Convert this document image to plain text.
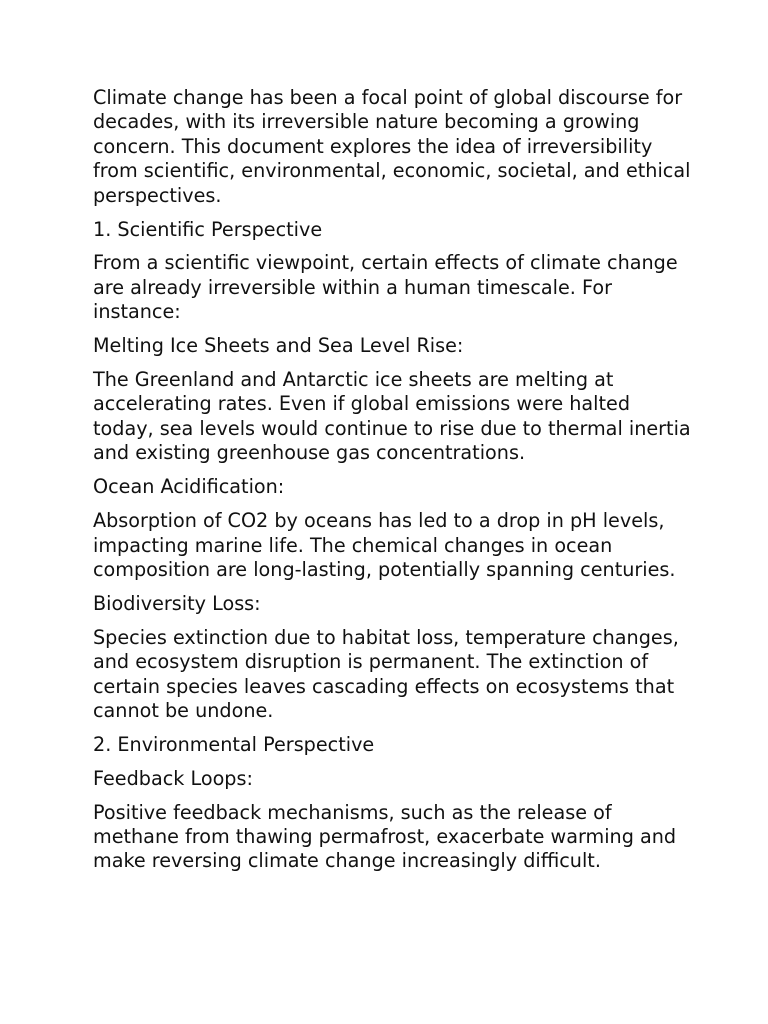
Climate change has been a focal point of global discourse for decades, with its irreversible nature becoming a growing concern. This document explores the idea of irreversibility from scientific, environmental, economic, societal, and ethical perspectives.

1. Scientific Perspective

From a scientific viewpoint, certain effects of climate change are already irreversible within a human timescale. For instance:

Melting Ice Sheets and Sea Level Rise:

The Greenland and Antarctic ice sheets are melting at accelerating rates. Even if global emissions were halted today, sea levels would continue to rise due to thermal inertia and existing greenhouse gas concentrations.

Ocean Acidification:

Absorption of CO2 by oceans has led to a drop in pH levels, impacting marine life. The chemical changes in ocean composition are long-lasting, potentially spanning centuries.

Biodiversity Loss:

Species extinction due to habitat loss, temperature changes, and ecosystem disruption is permanent. The extinction of certain species leaves cascading effects on ecosystems that cannot be undone.

2. Environmental Perspective

Feedback Loops:

Positive feedback mechanisms, such as the release of methane from thawing permafrost, exacerbate warming and make reversing climate change increasingly difficult.
